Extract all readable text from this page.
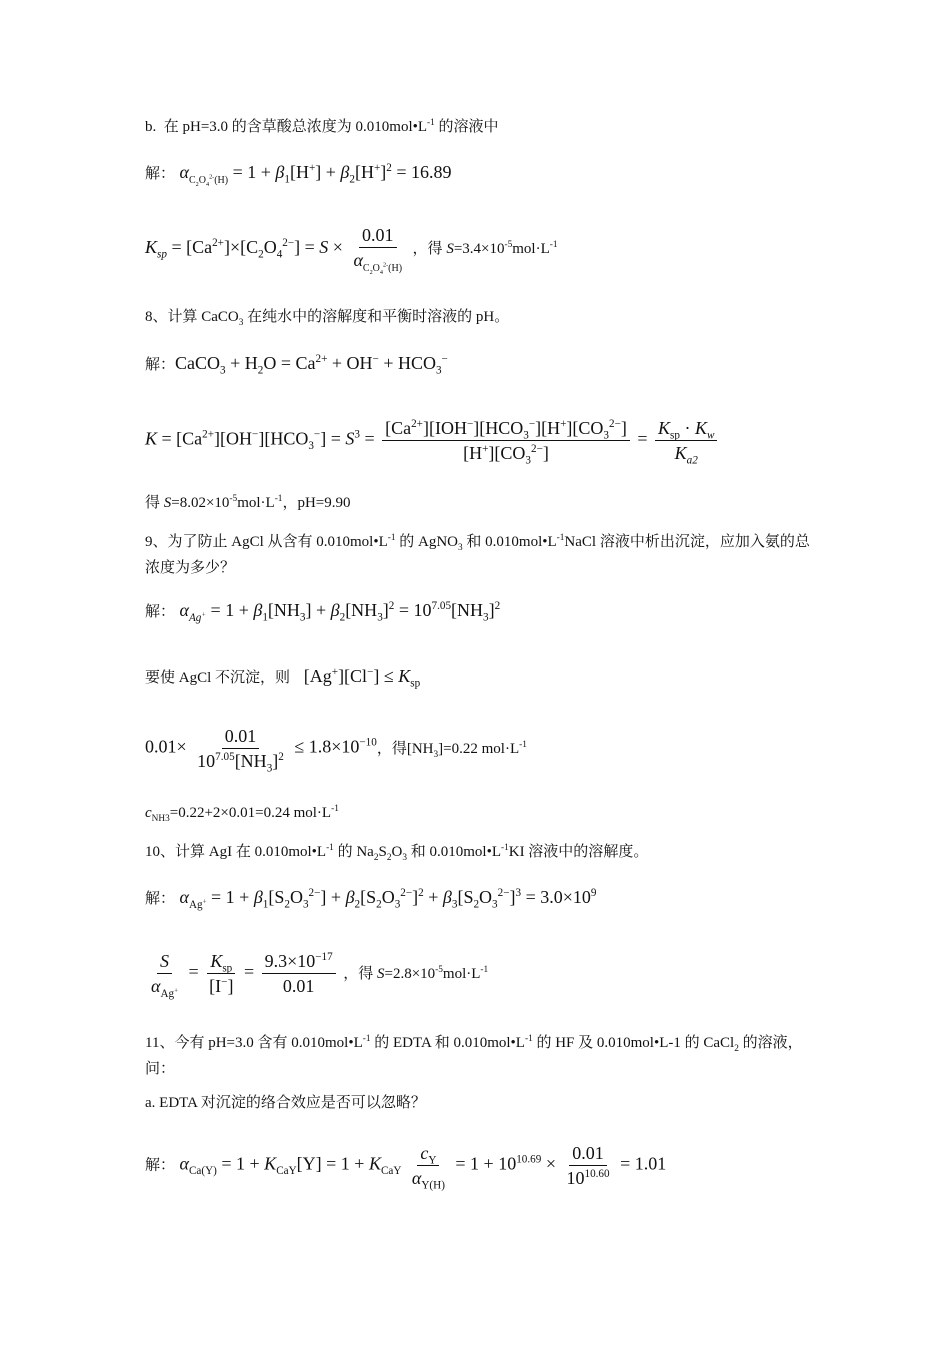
b.  在 pH=3.0 的含草酸总浓度为 $0.010mol•L^{-1}$ 的溶液中
解： $\alpha_{C_2O_4^{2-}(H)} = 1 + \beta_1[H^+] + \beta_2[H^+]^2 = 16.89$
$K_{sp} = [Ca^{2+}]\times[C_2O_4^{2-}] = S \times \frac{0.01}{\alpha_{C_2O_4^{2-}(H)}}$ ，得 $S=3.4\times 10^{-5}mol\cdot L^{-1}$
8、计算 CaCO$_3$ 在纯水中的溶解度和平衡时溶液的 pH。
解：CaCO$_3$ + $H_2O = Ca^{2+} + OH^- + HCO_3^-$
$K = [Ca^{2+}][OH^-][HCO_3^-] = S^3 = \frac{[Ca^{2+}][IOH^-][HCO_3^-][H^+][CO_3^{2-}]}{[H^+][CO_3^{2-}]} = \frac{K_{sp} \cdot K_w}{K_{a2}}$
得 $S=8.02\times 10^{-5}mol\cdot L^{-1}$，pH=9.90
9、为了防止 AgCl 从含有 $0.010mol•L^{-1}$ 的 AgNO$_3$ 和 $0.010mol•L^{-1}NaCl$ 溶液中析出沉淀，应加入氨的总浓度为多少？
解： $\alpha_{Ag^+} = 1 + \beta_1[NH_3] + \beta_2[NH_3]^2 = 10^{7.05}[NH_3]^2$
要使 AgCl 不沉淀，则 $[Ag^+][Cl^-] \le K_{sp}$
$0.01\times \frac{0.01}{10^{7.05}[NH_3]^2} \le 1.8\times 10^{-10}$，得$[NH_3]=0.22$ $mol\cdot L^{-1}$
$c_{NH3}=0.22+2\times 0.01=0.24$ $mol\cdot L^{-1}$
10、计算 AgI 在 $0.010mol•L^{-1}$ 的 $Na_2S_2O_3$ 和 $0.010mol•L^{-1}KI$ 溶液中的溶解度。
解： $\alpha_{Ag^+} = 1 + \beta_1[S_2O_3^{2-}] + \beta_2[S_2O_3^{2-}]^2 + \beta_3[S_2O_3^{2-}]^3 = 3.0\times 10^9$
$\frac{S}{\alpha_{Ag^+}} = \frac{K_{sp}}{[I^-]} = \frac{9.3\times 10^{-17}}{0.01}$ ，得 $S=2.8\times 10^{-5}mol\cdot L^{-1}$
11、今有 pH=3.0 含有 $0.010mol•L^{-1}$ 的 EDTA 和 $0.010mol•L^{-1}$ 的 HF 及 0.010mol•L-1 的 CaCl$_2$ 的溶液，问：
a. EDTA 对沉淀的络合效应是否可以忽略？
解： $\alpha_{Ca(Y)} = 1 + K_{CaY}[Y] = 1 + K_{CaY} \frac{c_Y}{\alpha_{Y(H)}} = 1 + 10^{10.69} \times \frac{0.01}{10^{10.60}} = 1.01$
